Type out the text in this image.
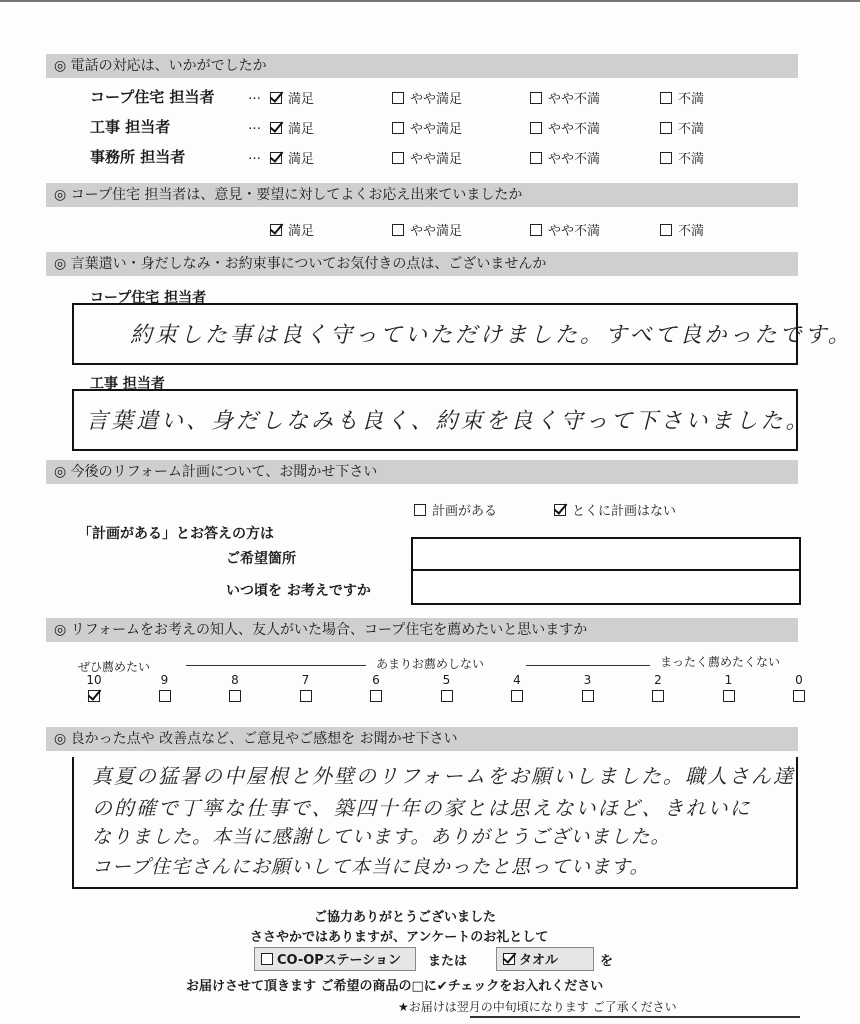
◎ 電話の対応は、いかがでしたか
コープ住宅 担当者	…	満足	やや満足	やや不満	不満
工事 担当者	…	満足	やや満足	やや不満	不満
事務所 担当者	…	満足	やや満足	やや不満	不満
◎ コープ住宅 担当者は、意見・要望に対してよくお応え出来ていましたか
満足	やや満足	やや不満	不満
◎ 言葉遣い・身だしなみ・お約束事についてお気付きの点は、ございませんか
コープ住宅 担当者
約束した事は良く守っていただけました。すべて良かったです。
工事 担当者
言葉遣い、身だしなみも良く、約束を良く守って下さいました。
◎ 今後のリフォーム計画について、お聞かせ下さい
計画がある	とくに計画はない
「計画がある」とお答えの方は
ご希望箇所
いつ頃を お考えですか
◎ リフォームをお考えの知人、友人がいた場合、コープ住宅を薦めたいと思いますか
ぜひ薦めたい	あまりお薦めしない	まったく薦めたくない
10	9	8	7	6	5	4	3	2	1	0
◎ 良かった点や 改善点など、ご意見やご感想を お聞かせ下さい
真夏の猛暑の中屋根と外壁のリフォームをお願いしました。職人さん達
の的確で丁寧な仕事で、築四十年の家とは思えないほど、きれいに
なりました。本当に感謝しています。ありがとうございました。
コープ住宅さんにお願いして本当に良かったと思っています。
ご協力ありがとうございました
ささやかではありますが、アンケートのお礼として
CO-OPステーション	または	タオル	を
お届けさせて頂きます ご希望の商品の□に✔チェックをお入れください
★お届けは翌月の中旬頃になります ご了承ください
